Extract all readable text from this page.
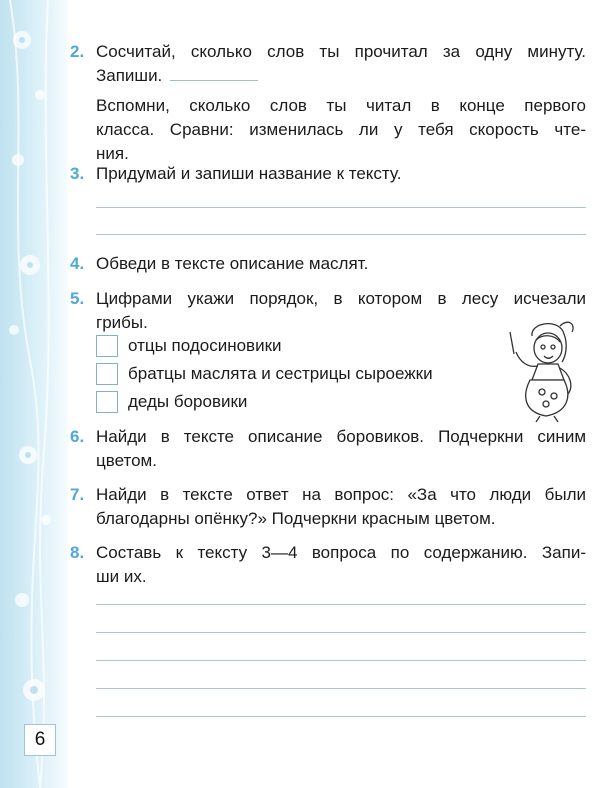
2. Сосчитай, сколько слов ты прочитал за одну минуту.
Запиши.
Вспомни, сколько слов ты читал в конце первого
класса. Сравни: изменилась ли у тебя скорость чте-
ния.
3. Придумай и запиши название к тексту.
4. Обведи в тексте описание маслят.
5. Цифрами укажи порядок, в котором в лесу исчезали
грибы.
отцы подосиновики
братцы маслята и сестрицы сыроежки
деды боровики
6. Найди в тексте описание боровиков. Подчеркни синим
цветом.
7. Найди в тексте ответ на вопрос: «За что люди были
благодарны опёнку?» Подчеркни красным цветом.
8. Составь к тексту 3—4 вопроса по содержанию. Запи-
ши их.
6
